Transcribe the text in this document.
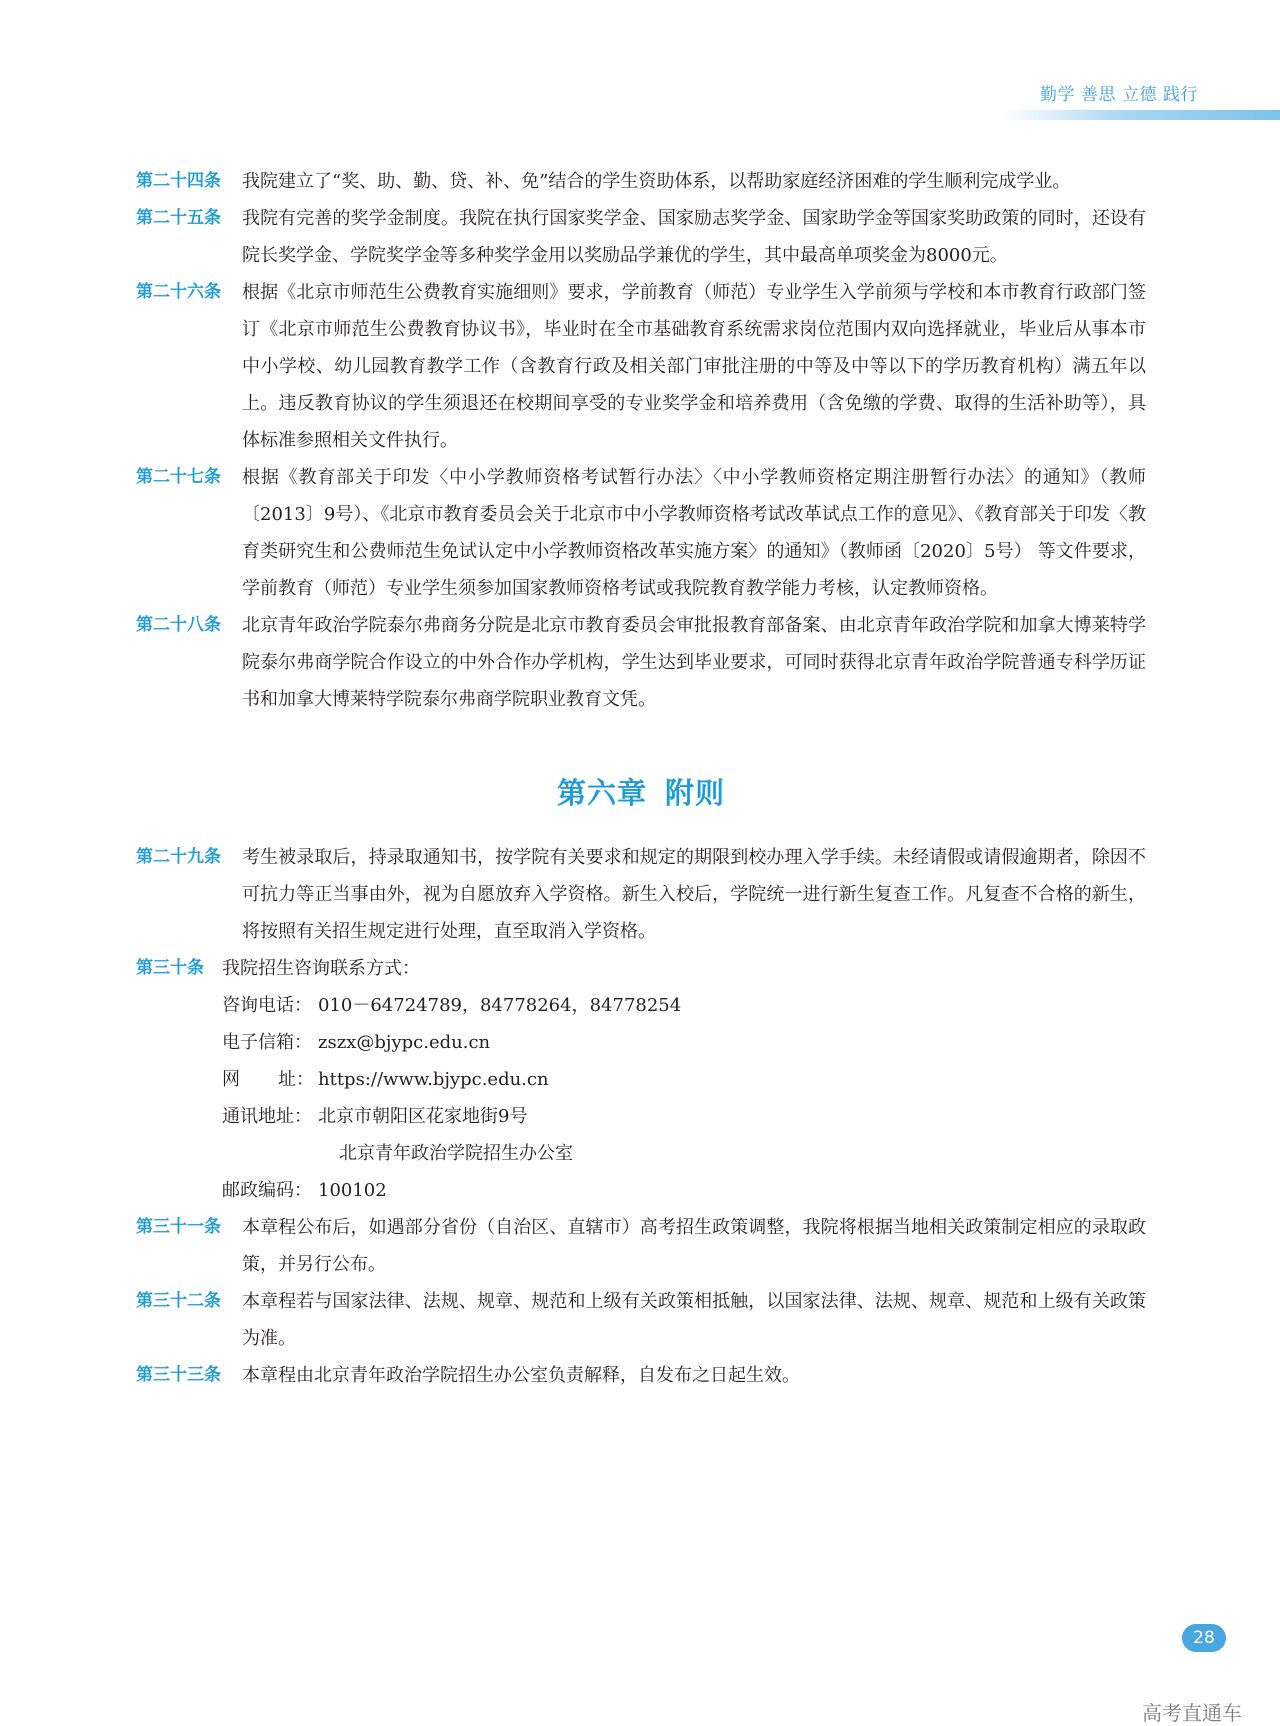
勤学 善思 立德 践行
第二十四条	我院建立了“奖、助、勤、贷、补、免”结合的学生资助体系，以帮助家庭经济困难的学生顺利完成学业。
第二十五条	我院有完善的奖学金制度。我院在执行国家奖学金、国家励志奖学金、国家助学金等国家奖助政策的同时，还设有院长奖学金、学院奖学金等多种奖学金用以奖励品学兼优的学生，其中最高单项奖金为8000元。
第二十六条	根据《北京市师范生公费教育实施细则》要求，学前教育（师范）专业学生入学前须与学校和本市教育行政部门签订《北京市师范生公费教育协议书》，毕业时在全市基础教育系统需求岗位范围内双向选择就业，毕业后从事本市中小学校、幼儿园教育教学工作（含教育行政及相关部门审批注册的中等及中等以下的学历教育机构）满五年以上。违反教育协议的学生须退还在校期间享受的专业奖学金和培养费用（含免缴的学费、取得的生活补助等），具体标准参照相关文件执行。
第二十七条	根据《教育部关于印发〈中小学教师资格考试暂行办法〉〈中小学教师资格定期注册暂行办法〉的通知》（教师〔2013〕9号）、《北京市教育委员会关于北京市中小学教师资格考试改革试点工作的意见》、《教育部关于印发〈教育类研究生和公费师范生免试认定中小学教师资格改革实施方案〉的通知》（教师函〔2020〕5号） 等文件要求，学前教育（师范）专业学生须参加国家教师资格考试或我院教育教学能力考核，认定教师资格。
第二十八条	北京青年政治学院泰尔弗商务分院是北京市教育委员会审批报教育部备案、由北京青年政治学院和加拿大博莱特学院泰尔弗商学院合作设立的中外合作办学机构，学生达到毕业要求，可同时获得北京青年政治学院普通专科学历证书和加拿大博莱特学院泰尔弗商学院职业教育文凭。
第六章 附则
第二十九条	考生被录取后，持录取通知书，按学院有关要求和规定的期限到校办理入学手续。未经请假或请假逾期者，除因不可抗力等正当事由外，视为自愿放弃入学资格。新生入校后，学院统一进行新生复查工作。凡复查不合格的新生，将按照有关招生规定进行处理，直至取消入学资格。
第三十条	我院招生咨询联系方式：
咨询电话： 010－64724789，84778264，84778254
电子信箱： zszx@bjypc.edu.cn
网 址： https://www.bjypc.edu.cn
通讯地址： 北京市朝阳区花家地街9号
北京青年政治学院招生办公室
邮政编码： 100102
第三十一条	本章程公布后，如遇部分省份（自治区、直辖市）高考招生政策调整，我院将根据当地相关政策制定相应的录取政策，并另行公布。
第三十二条	本章程若与国家法律、法规、规章、规范和上级有关政策相抵触，以国家法律、法规、规章、规范和上级有关政策为准。
第三十三条	本章程由北京青年政治学院招生办公室负责解释，自发布之日起生效。
28
高考直通车
